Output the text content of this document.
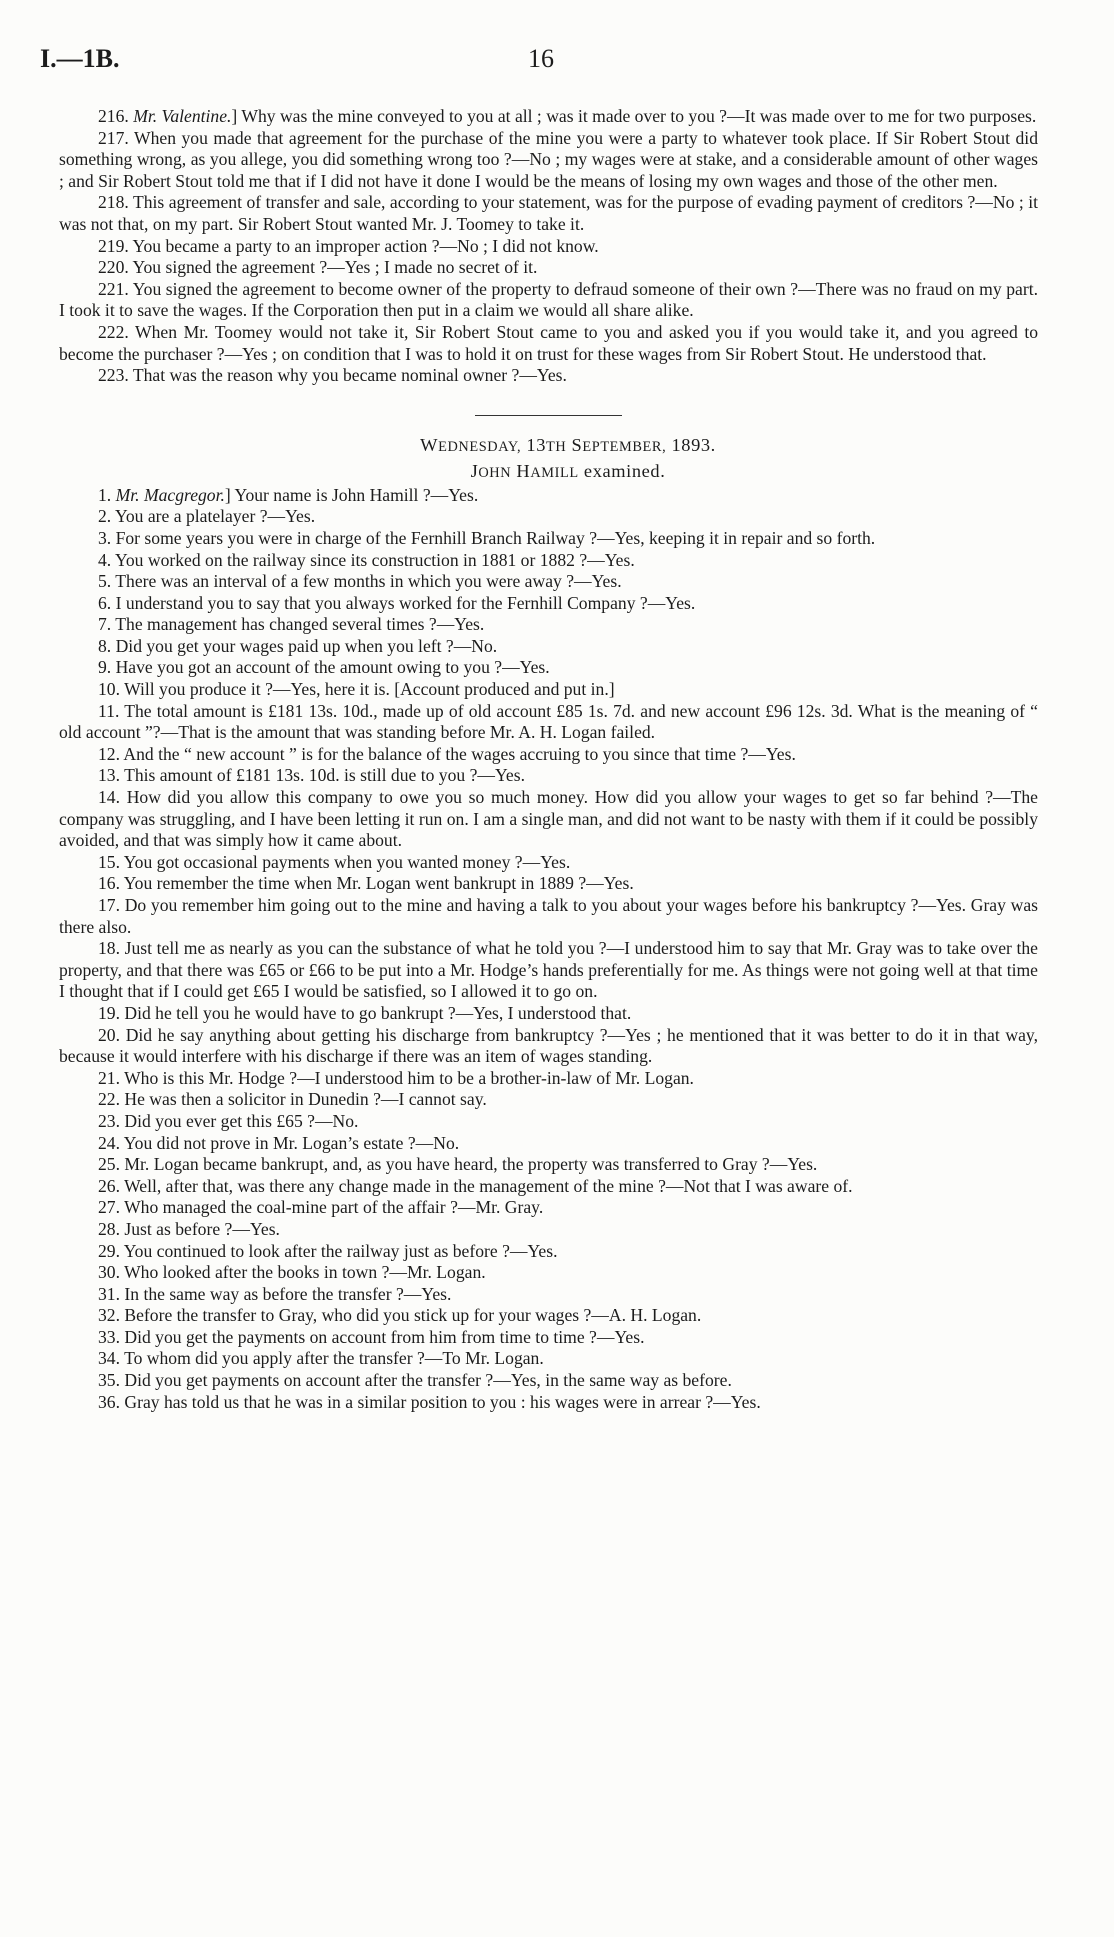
I.—1B.	16

216. Mr. Valentine.] Why was the mine conveyed to you at all ; was it made over to you ?—It was made over to me for two purposes.

217. When you made that agreement for the purchase of the mine you were a party to whatever took place. If Sir Robert Stout did something wrong, as you allege, you did something wrong too ?—No ; my wages were at stake, and a considerable amount of other wages ; and Sir Robert Stout told me that if I did not have it done I would be the means of losing my own wages and those of the other men.

218. This agreement of transfer and sale, according to your statement, was for the purpose of evading payment of creditors ?—No ; it was not that, on my part. Sir Robert Stout wanted Mr. J. Toomey to take it.

219. You became a party to an improper action ?—No ; I did not know.

220. You signed the agreement ?—Yes ; I made no secret of it.

221. You signed the agreement to become owner of the property to defraud someone of their own ?—There was no fraud on my part. I took it to save the wages. If the Corporation then put in a claim we would all share alike.

222. When Mr. Toomey would not take it, Sir Robert Stout came to you and asked you if you would take it, and you agreed to become the purchaser ?—Yes ; on condition that I was to hold it on trust for these wages from Sir Robert Stout. He understood that.

223. That was the reason why you became nominal owner ?—Yes.

WEDNESDAY, 13TH SEPTEMBER, 1893.

JOHN HAMILL examined.

1. Mr. Macgregor.] Your name is John Hamill ?—Yes.

2. You are a platelayer ?—Yes.

3. For some years you were in charge of the Fernhill Branch Railway ?—Yes, keeping it in repair and so forth.

4. You worked on the railway since its construction in 1881 or 1882 ?—Yes.

5. There was an interval of a few months in which you were away ?—Yes.

6. I understand you to say that you always worked for the Fernhill Company ?—Yes.

7. The management has changed several times ?—Yes.

8. Did you get your wages paid up when you left ?—No.

9. Have you got an account of the amount owing to you ?—Yes.

10. Will you produce it ?—Yes, here it is. [Account produced and put in.]

11. The total amount is £181 13s. 10d., made up of old account £85 1s. 7d. and new account £96 12s. 3d. What is the meaning of “ old account ”?—That is the amount that was standing before Mr. A. H. Logan failed.

12. And the “ new account ” is for the balance of the wages accruing to you since that time ?—Yes.

13. This amount of £181 13s. 10d. is still due to you ?—Yes.

14. How did you allow this company to owe you so much money. How did you allow your wages to get so far behind ?—The company was struggling, and I have been letting it run on. I am a single man, and did not want to be nasty with them if it could be possibly avoided, and that was simply how it came about.

15. You got occasional payments when you wanted money ?—Yes.

16. You remember the time when Mr. Logan went bankrupt in 1889 ?—Yes.

17. Do you remember him going out to the mine and having a talk to you about your wages before his bankruptcy ?—Yes. Gray was there also.

18. Just tell me as nearly as you can the substance of what he told you ?—I understood him to say that Mr. Gray was to take over the property, and that there was £65 or £66 to be put into a Mr. Hodge’s hands preferentially for me. As things were not going well at that time I thought that if I could get £65 I would be satisfied, so I allowed it to go on.

19. Did he tell you he would have to go bankrupt ?—Yes, I understood that.

20. Did he say anything about getting his discharge from bankruptcy ?—Yes ; he mentioned that it was better to do it in that way, because it would interfere with his discharge if there was an item of wages standing.

21. Who is this Mr. Hodge ?—I understood him to be a brother-in-law of Mr. Logan.

22. He was then a solicitor in Dunedin ?—I cannot say.

23. Did you ever get this £65 ?—No.

24. You did not prove in Mr. Logan’s estate ?—No.

25. Mr. Logan became bankrupt, and, as you have heard, the property was transferred to Gray ?—Yes.

26. Well, after that, was there any change made in the management of the mine ?—Not that I was aware of.

27. Who managed the coal-mine part of the affair ?—Mr. Gray.

28. Just as before ?—Yes.

29. You continued to look after the railway just as before ?—Yes.

30. Who looked after the books in town ?—Mr. Logan.

31. In the same way as before the transfer ?—Yes.

32. Before the transfer to Gray, who did you stick up for your wages ?—A. H. Logan.

33. Did you get the payments on account from him from time to time ?—Yes.

34. To whom did you apply after the transfer ?—To Mr. Logan.

35. Did you get payments on account after the transfer ?—Yes, in the same way as before.

36. Gray has told us that he was in a similar position to you : his wages were in arrear ?—Yes.
